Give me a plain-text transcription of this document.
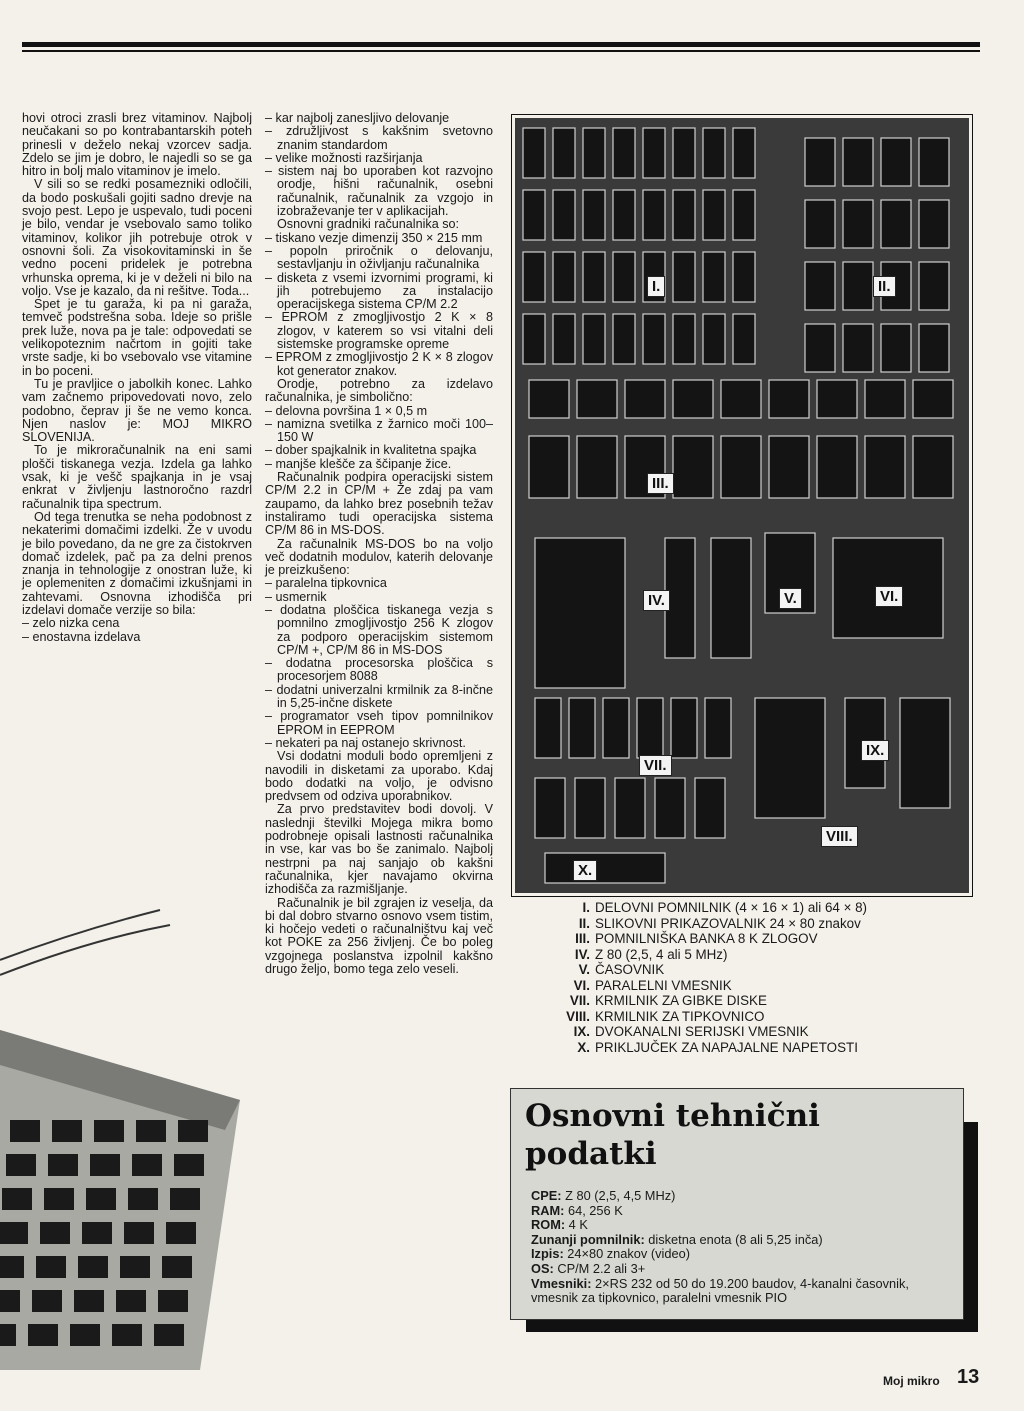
hovi otroci zrasli brez vitaminov. Najbolj neučakani so po kontrabantarskih poteh prinesli v deželo nekaj vzorcev sadja. Zdelo se jim je dobro, le najedli so se ga hitro in bolj malo vitaminov je imelo.

V sili so se redki posamezniki odločili, da bodo poskušali gojiti sadno drevje na svojo pest. Lepo je uspevalo, tudi poceni je bilo, vendar je vsebovalo samo toliko vitaminov, kolikor jih potrebuje otrok v osnovni šoli. Za visokovitaminski in še vedno poceni pridelek je potrebna vrhunska oprema, ki je v deželi ni bilo na voljo. Vse je kazalo, da ni rešitve. Toda...

Spet je tu garaža, ki pa ni garaža, temveč podstrešna soba. Ideje so prišle prek luže, nova pa je tale: odpovedati se velikopoteznim načrtom in gojiti take vrste sadje, ki bo vsebovalo vse vitamine in bo poceni.

Tu je pravljice o jabolkih konec. Lahko vam začnemo pripovedovati novo, zelo podobno, čeprav ji še ne vemo konca. Njen naslov je: MOJ MIKRO SLOVENIJA.

To je mikroračunalnik na eni sami plošči tiskanega vezja. Izdela ga lahko vsak, ki je vešč spajkanja in je vsaj enkrat v življenju lastnoročno razdrl računalnik tipa spectrum.

Od tega trenutka se neha podobnost z nekaterimi domačimi izdelki. Že v uvodu je bilo povedano, da ne gre za čistokrven domač izdelek, pač pa za delni prenos znanja in tehnologije z onostran luže, ki je oplemeniten z domačimi izkušnjami in zahtevami. Osnovna izhodišča pri izdelavi domače verzije so bila:

– zelo nizka cena
– enostavna izdelava
– kar najbolj zanesljivo delovanje
– združljivost s kakšnim svetovno znanim standardom
– velike možnosti razširjanja
– sistem naj bo uporaben kot razvojno orodje, hišni računalnik, osebni računalnik, računalnik za vzgojo in izobraževanje ter v aplikacijah.

Osnovni gradniki računalnika so:

– tiskano vezje dimenzij 350 × 215 mm
– popoln priročnik o delovanju, sestavljanju in oživljanju računalnika
– disketa z vsemi izvornimi programi, ki jih potrebujemo za instalacijo operacijskega sistema CP/M 2.2
– EPROM z zmogljivostjo 2 K × 8 zlogov, v katerem so vsi vitalni deli sistemske programske opreme
– EPROM z zmogljivostjo 2 K × 8 zlogov kot generator znakov.

Orodje, potrebno za izdelavo računalnika, je simbolično:

– delovna površina 1 × 0,5 m
– namizna svetilka z žarnico moči 100–150 W
– dober spajkalnik in kvalitetna spajka
– manjše klešče za ščipanje žice.

Računalnik podpira operacijski sistem CP/M 2.2 in CP/M + Že zdaj pa vam zaupamo, da lahko brez posebnih težav instaliramo tudi operacijska sistema CP/M 86 in MS-DOS.

Za računalnik MS-DOS bo na voljo več dodatnih modulov, katerih delovanje je preizkušeno:

– paralelna tipkovnica
– usmernik
– dodatna ploščica tiskanega vezja s pomnilno zmogljivostjo 256 K zlogov za podporo operacijskim sistemom CP/M +, CP/M 86 in MS-DOS
– dodatna procesorska ploščica s procesorjem 8088
– dodatni univerzalni krmilnik za 8-inčne in 5,25-inčne diskete
– programator vseh tipov pomnilnikov EPROM in EEPROM
– nekateri pa naj ostanejo skrivnost.

Vsi dodatni moduli bodo opremljeni z navodili in disketami za uporabo. Kdaj bodo dodatki na voljo, je odvisno predvsem od odziva uporabnikov.

Za prvo predstavitev bodi dovolj. V naslednji številki Mojega mikra bomo podrobneje opisali lastnosti računalnika in vse, kar vas bo še zanimalo. Najbolj nestrpni pa naj sanjajo ob kakšni računalnika, kjer navajamo okvirna izhodišča za razmišljanje.

Računalnik je bil zgrajen iz veselja, da bi dal dobro stvarno osnovo vsem tistim, ki hočejo vedeti o računalništvu kaj več kot POKE za 256 življenj. Če bo poleg vzgojnega poslanstva izpolnil kakšno drugo željo, bomo tega zelo veseli.

I.	II.
III.
IV.	V.	VI.
VII.
VIII.
IX.
X.
I. DELOVNI POMNILNIK (4 × 16 × 1) ali 64 × 8)
II. SLIKOVNI PRIKAZOVALNIK 24 × 80 znakov
III. POMNILNIŠKA BANKA 8 K ZLOGOV
IV. Z 80 (2,5, 4 ali 5 MHz)
V. ČASOVNIK
VI. PARALELNI VMESNIK
VII. KRMILNIK ZA GIBKE DISKE
VIII. KRMILNIK ZA TIPKOVNICO
IX. DVOKANALNI SERIJSKI VMESNIK
X. PRIKLJUČEK ZA NAPAJALNE NAPETOSTI
Osnovni tehnični
podatki
CPE: Z 80 (2,5, 4,5 MHz)
RAM: 64, 256 K
ROM: 4 K
Zunanji pomnilnik: disketna enota (8 ali 5,25 inča)
Izpis: 24×80 znakov (video)
OS: CP/M 2.2 ali 3+
Vmesniki: 2×RS 232 od 50 do 19.200 baudov, 4-kanalni časovnik, vmesnik za tipkovnico, paralelni vmesnik PIO
Moj mikro 13
